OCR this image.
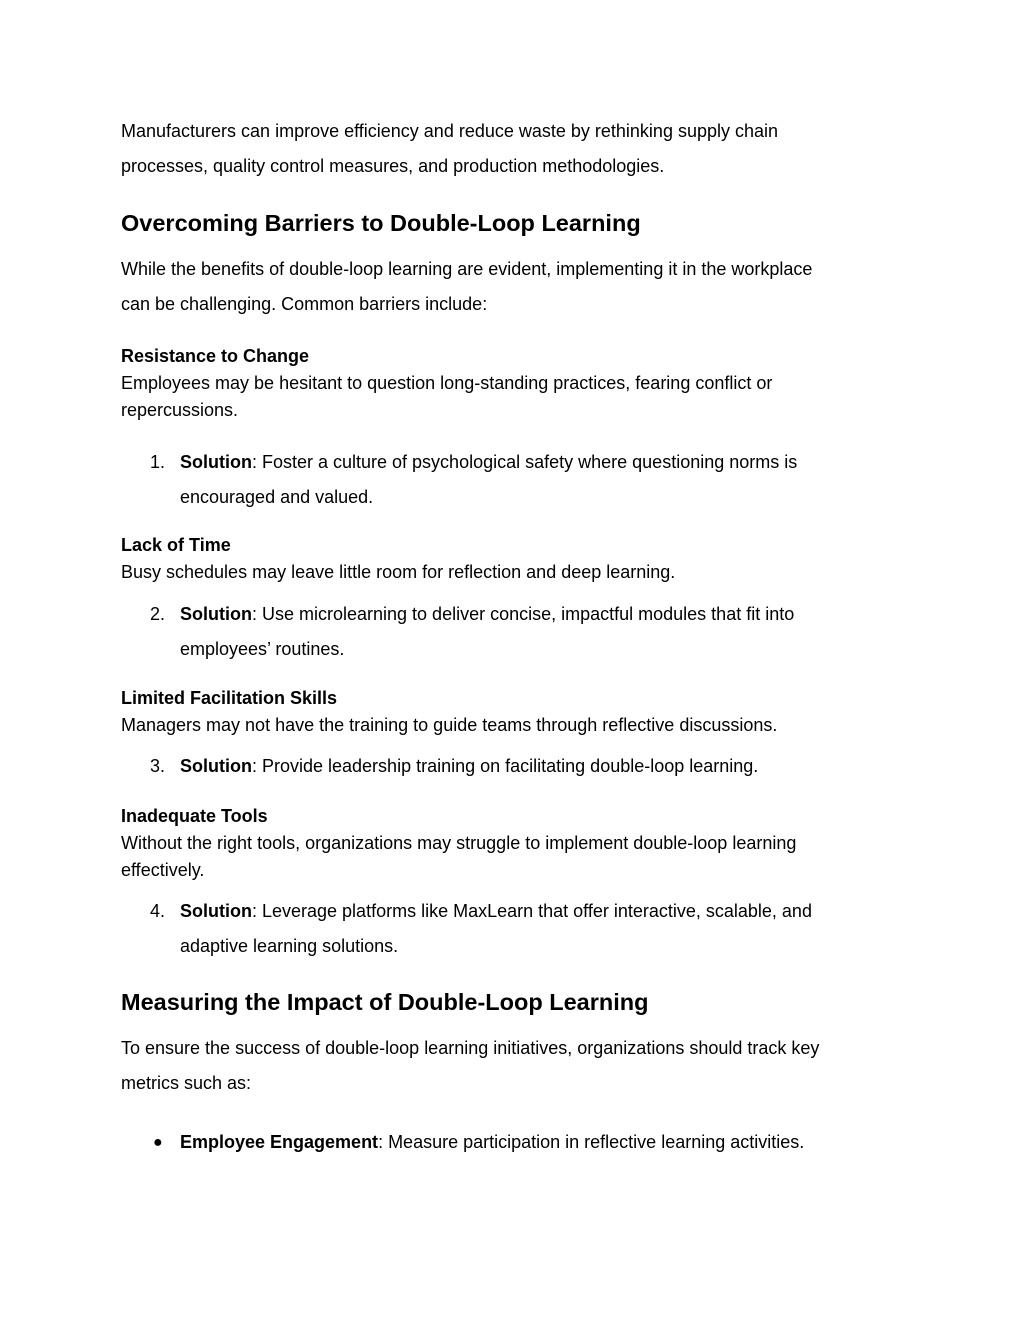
Manufacturers can improve efficiency and reduce waste by rethinking supply chain
processes, quality control measures, and production methodologies.
Overcoming Barriers to Double-Loop Learning
While the benefits of double-loop learning are evident, implementing it in the workplace
can be challenging. Common barriers include:
Resistance to Change
Employees may be hesitant to question long-standing practices, fearing conflict or
repercussions.
1. Solution: Foster a culture of psychological safety where questioning norms is
encouraged and valued.
Lack of Time
Busy schedules may leave little room for reflection and deep learning.
2. Solution: Use microlearning to deliver concise, impactful modules that fit into
employees’ routines.
Limited Facilitation Skills
Managers may not have the training to guide teams through reflective discussions.
3. Solution: Provide leadership training on facilitating double-loop learning.
Inadequate Tools
Without the right tools, organizations may struggle to implement double-loop learning
effectively.
4. Solution: Leverage platforms like MaxLearn that offer interactive, scalable, and
adaptive learning solutions.
Measuring the Impact of Double-Loop Learning
To ensure the success of double-loop learning initiatives, organizations should track key
metrics such as:
● Employee Engagement: Measure participation in reflective learning activities.
